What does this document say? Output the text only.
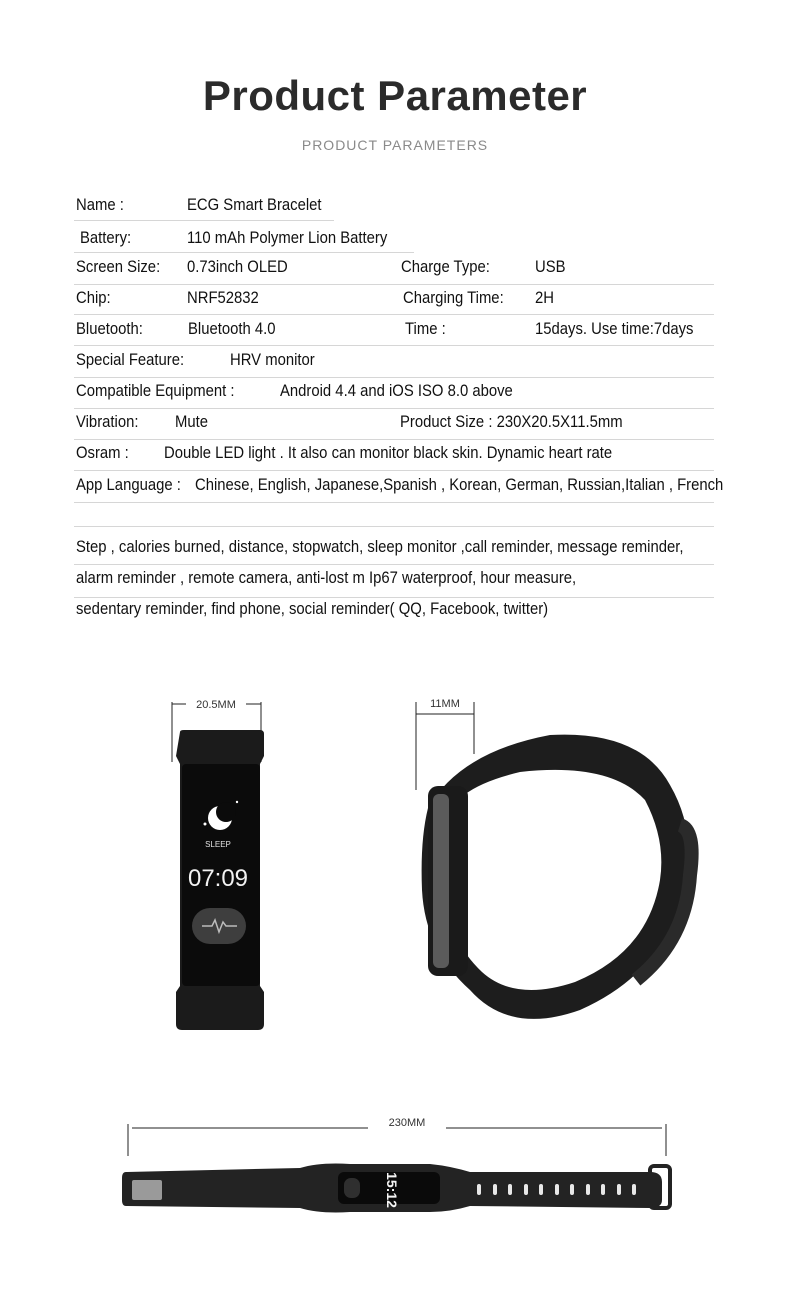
Product Parameter
PRODUCT PARAMETERS
Name :	ECG Smart Bracelet
Battery:	110 mAh Polymer Lion Battery
Screen Size: 0.73inch OLED	Charge Type:	USB
Chip:	NRF52832	Charging Time: 2H
Bluetooth:	Bluetooth 4.0	Time :	15days. Use time:7days
Special Feature:	HRV monitor
Compatible Equipment :	Android 4.4 and iOS ISO 8.0 above
Vibration: Mute	Product Size : 230X20.5X11.5mm
Osram : Double LED light . It also can monitor black skin. Dynamic heart rate
App Language : Chinese, English, Japanese,Spanish , Korean, German, Russian,Italian , French
Step , calories burned, distance, stopwatch, sleep monitor ,call reminder, message reminder,
alarm reminder , remote camera, anti-lost m Ip67 waterproof, hour measure,
sedentary reminder, find phone, social reminder( QQ, Facebook, twitter)
20.5MM
SLEEP
07:09
11MM
230MM
15:12
